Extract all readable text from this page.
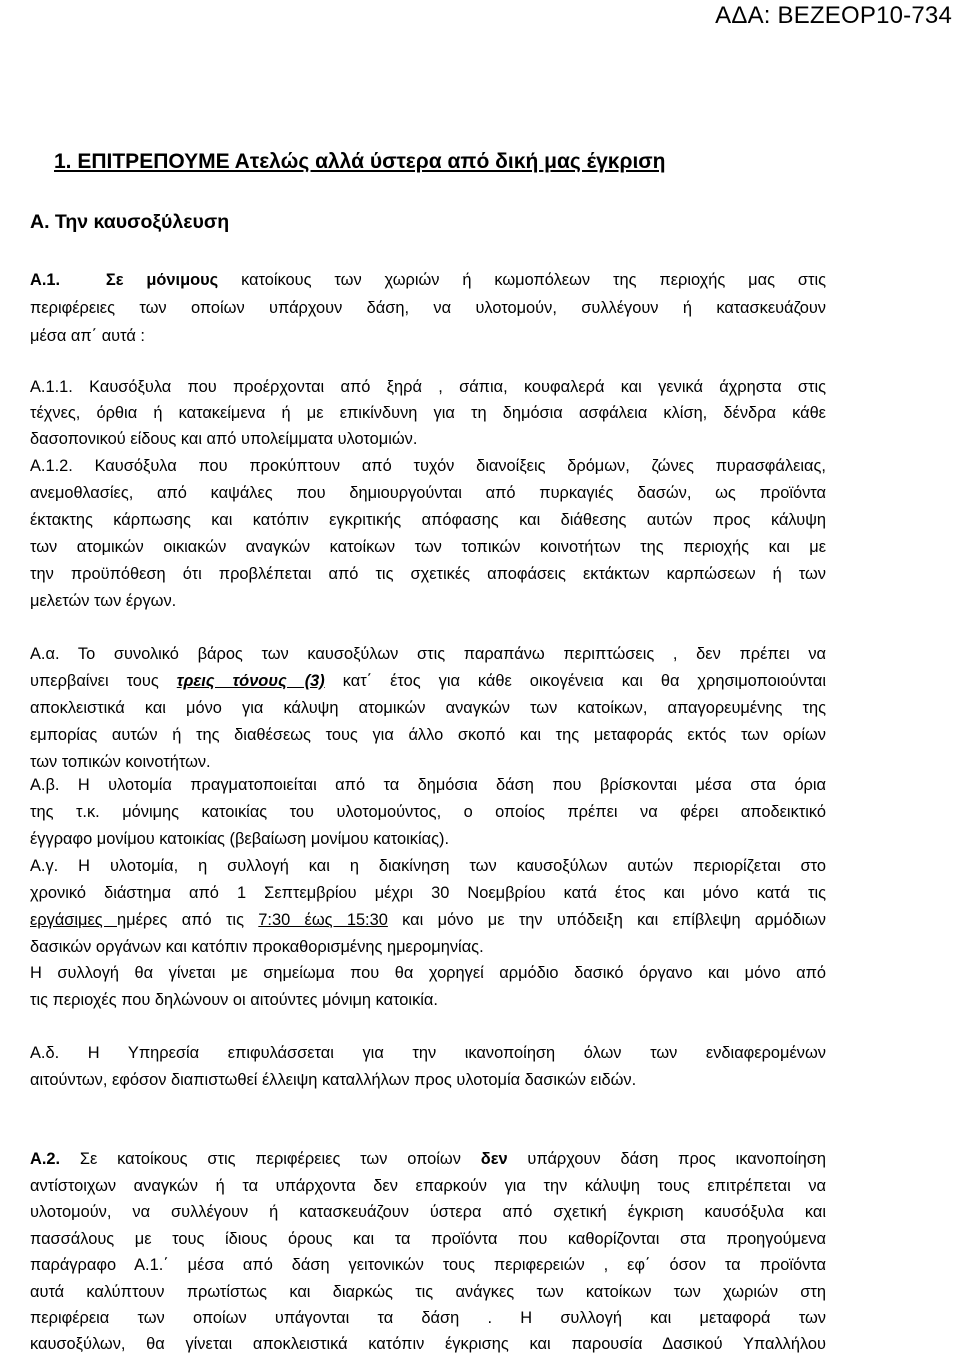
ΑΔΑ: ΒΕΖΕΟΡ10-734
1. ΕΠΙΤΡΕΠΟΥΜΕ Ατελώς αλλά ύστερα από δική μας έγκριση
Α. Την καυσοξύλευση
Α.1.	Σε μόνιμους κατοίκους των χωριών ή κωμοπόλεων της περιοχής μας στις
περιφέρειες των οποίων υπάρχουν δάση, να υλοτομούν, συλλέγουν ή κατασκευάζουν
μέσα απ΄ αυτά :
Α.1.1. Καυσόξυλα που προέρχονται από ξηρά , σάπια, κουφαλερά και γενικά άχρηστα στις
τέχνες, όρθια ή κατακείμενα ή με επικίνδυνη για τη δημόσια ασφάλεια κλίση, δένδρα κάθε
δασοπονικού είδους και από υπολείμματα υλοτομιών.
Α.1.2. Καυσόξυλα που προκύπτουν από τυχόν διανοίξεις δρόμων, ζώνες πυρασφάλειας,
ανεμοθλασίες, από καψάλες που δημιουργούνται από πυρκαγιές δασών, ως προϊόντα
έκτακτης κάρπωσης και κατόπιν εγκριτικής απόφασης και διάθεσης αυτών προς κάλυψη
των ατομικών οικιακών αναγκών κατοίκων των τοπικών κοινοτήτων της περιοχής και με
την προϋπόθεση ότι προβλέπεται από τις σχετικές αποφάσεις εκτάκτων καρπώσεων ή των
μελετών των έργων.
Α.α. Το συνολικό βάρος των καυσοξύλων στις παραπάνω περιπτώσεις , δεν πρέπει να
υπερβαίνει τους τρεις τόνους (3) κατ΄ έτος για κάθε οικογένεια και θα χρησιμοποιούνται
αποκλειστικά και μόνο για κάλυψη ατομικών αναγκών των κατοίκων, απαγορευμένης της
εμπορίας αυτών ή της διαθέσεως τους για άλλο σκοπό και της μεταφοράς εκτός των ορίων
των τοπικών κοινοτήτων.
Α.β. Η υλοτομία πραγματοποιείται από τα δημόσια δάση που βρίσκονται μέσα στα όρια
της τ.κ. μόνιμης κατοικίας του υλοτομούντος, ο οποίος πρέπει να φέρει αποδεικτικό
έγγραφο μονίμου κατοικίας (βεβαίωση μονίμου κατοικίας).
Α.γ. Η υλοτομία, η συλλογή και η διακίνηση των καυσοξύλων αυτών περιορίζεται στο
χρονικό διάστημα από 1 Σεπτεμβρίου μέχρι 30 Νοεμβρίου κατά έτος και μόνο κατά τις
εργάσιμες ημέρες από τις 7:30 έως 15:30 και μόνο με την υπόδειξη και επίβλεψη αρμόδιων
δασικών οργάνων και κατόπιν προκαθορισμένης ημερομηνίας.
Η συλλογή θα γίνεται με σημείωμα που θα χορηγεί αρμόδιο δασικό όργανο και μόνο από
τις περιοχές που δηλώνουν οι αιτούντες μόνιμη κατοικία.
Α.δ. Η Υπηρεσία επιφυλάσσεται για την ικανοποίηση όλων των ενδιαφερομένων
αιτούντων, εφόσον διαπιστωθεί έλλειψη καταλλήλων προς υλοτομία δασικών ειδών.
Α.2. Σε κατοίκους στις περιφέρειες των οποίων δεν υπάρχουν δάση προς ικανοποίηση
αντίστοιχων αναγκών ή τα υπάρχοντα δεν επαρκούν για την κάλυψη τους επιτρέπεται να
υλοτομούν, να συλλέγουν ή κατασκευάζουν ύστερα από σχετική έγκριση καυσόξυλα και
πασσάλους με τους ίδιους όρους και τα προϊόντα που καθορίζονται στα προηγούμενα
παράγραφο Α.1.΄ μέσα από δάση γειτονικών τους περιφερειών , εφ΄ όσον τα προϊόντα
αυτά καλύπτουν πρωτίστως και διαρκώς τις ανάγκες των κατοίκων των χωριών στη
περιφέρεια των οποίων υπάγονται τα δάση . Η συλλογή και μεταφορά των
καυσοξύλων, θα γίνεται αποκλειστικά κατόπιν έγκρισης και παρουσία Δασικού Υπαλλήλου
